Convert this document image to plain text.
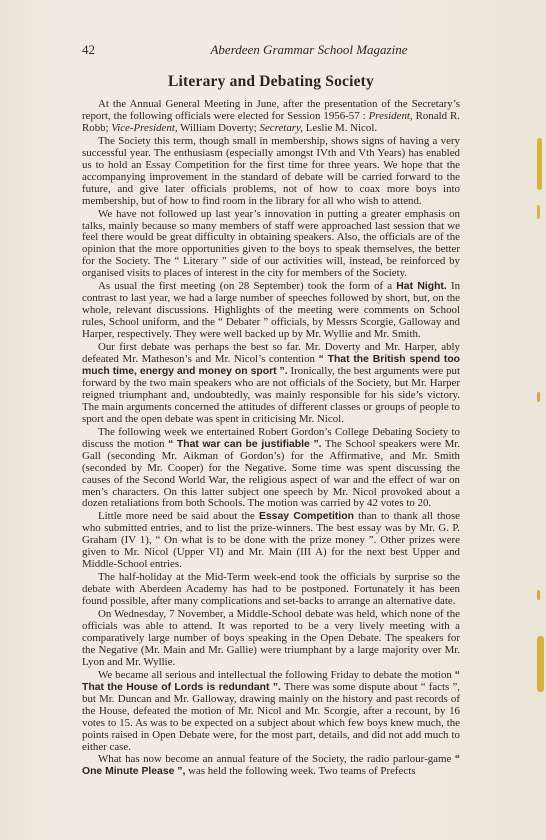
42	Aberdeen Grammar School Magazine
Literary and Debating Society

At the Annual General Meeting in June, after the presentation of the Secretary’s report, the following officials were elected for Session 1956-57 : President, Ronald R. Robb; Vice-President, William Doverty; Secretary, Leslie M. Nicol.

The Society this term, though small in membership, shows signs of having a very successful year. The enthusiasm (especially amongst IVth and Vth Years) has enabled us to hold an Essay Competition for the first time for three years. We hope that the accompanying improvement in the standard of debate will be carried forward to the future, and give later officials problems, not of how to coax more boys into membership, but of how to find room in the library for all who wish to attend.

We have not followed up last year’s innovation in putting a greater emphasis on talks, mainly because so many members of staff were approached last session that we feel there would be great difficulty in obtaining speakers. Also, the officials are of the opinion that the more opportunities given to the boys to speak themselves, the better for the Society. The “ Literary ” side of our activities will, instead, be reinforced by organised visits to places of interest in the city for members of the Society.

As usual the first meeting (on 28 September) took the form of a Hat Night. In contrast to last year, we had a large number of speeches followed by short, but, on the whole, relevant discussions. Highlights of the meeting were comments on School rules, School uniform, and the “ Debater ” officials, by Messrs Scorgie, Galloway and Harper, respectively. They were well backed up by Mr. Wyllie and Mr. Smith.

Our first debate was perhaps the best so far. Mr. Doverty and Mr. Harper, ably defeated Mr. Matheson’s and Mr. Nicol’s contention “ That the British spend too much time, energy and money on sport ”. Ironically, the best arguments were put forward by the two main speakers who are not officials of the Society, but Mr. Harper reigned triumphant and, undoubtedly, was mainly responsible for his side’s victory. The main arguments concerned the attitudes of different classes or groups of people to sport and the open debate was spent in criticising Mr. Nicol.

The following week we entertained Robert Gordon’s College Debating Society to discuss the motion “ That war can be justifiable ”. The School speakers were Mr. Gall (seconding Mr. Aikman of Gordon’s) for the Affirmative, and Mr. Smith (seconded by Mr. Cooper) for the Negative. Some time was spent discussing the causes of the Second World War, the religious aspect of war and the effect of war on men’s characters. On this latter subject one speech by Mr. Nicol provoked about a dozen retaliations from both Schools. The motion was carried by 42 votes to 20.

Little more need be said about the Essay Competition than to thank all those who submitted entries, and to list the prize-winners. The best essay was by Mr. G. P. Graham (IV 1), “ On what is to be done with the prize money ”. Other prizes were given to Mr. Nicol (Upper VI) and Mr. Main (III A) for the next best Upper and Middle-School entries.

The half-holiday at the Mid-Term week-end took the officials by surprise so the debate with Aberdeen Academy has had to be postponed. Fortunately it has been found possible, after many complications and set-backs to arrange an alternative date.

On Wednesday, 7 November, a Middle-School debate was held, which none of the officials was able to attend. It was reported to be a very lively meeting with a comparatively large number of boys speaking in the Open Debate. The speakers for the Negative (Mr. Main and Mr. Gallie) were triumphant by a large majority over Mr. Lyon and Mr. Wyllie.

We became all serious and intellectual the following Friday to debate the motion “ That the House of Lords is redundant ”. There was some dispute about “ facts ”, but Mr. Duncan and Mr. Galloway, drawing mainly on the history and past records of the House, defeated the motion of Mr. Nicol and Mr. Scorgie, after a recount, by 16 votes to 15. As was to be expected on a subject about which few boys knew much, the points raised in Open Debate were, for the most part, details, and did not add much to either case.

What has now become an annual feature of the Society, the radio parlour-game “ One Minute Please ”, was held the following week. Two teams of Prefects
